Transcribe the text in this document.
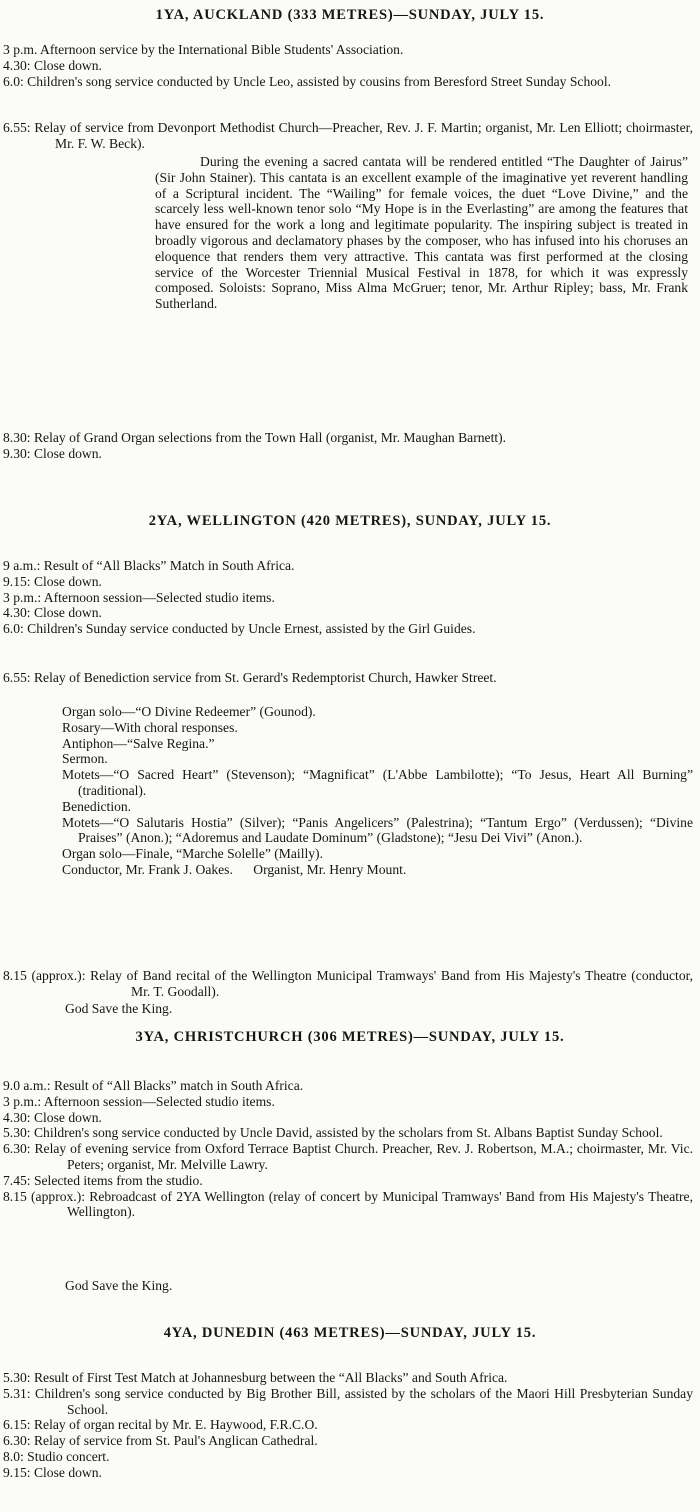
1YA, AUCKLAND (333 METRES)—SUNDAY, JULY 15.

3 p.m. Afternoon service by the International Bible Students' Association.

4.30: Close down.

6.0: Children's song service conducted by Uncle Leo, assisted by cousins from Beresford Street Sunday School.

6.55: Relay of service from Devonport Methodist Church—Preacher, Rev. J. F. Martin; organist, Mr. Len Elliott; choirmaster, Mr. F. W. Beck).

During the evening a sacred cantata will be rendered entitled “The Daughter of Jairus” (Sir John Stainer). This cantata is an excellent example of the imaginative yet reverent handling of a Scriptural incident. The “Wailing” for female voices, the duet “Love Divine,” and the scarcely less well-known tenor solo “My Hope is in the Everlasting” are among the features that have ensured for the work a long and legitimate popularity. The inspiring subject is treated in broadly vigorous and declamatory phases by the composer, who has infused into his choruses an eloquence that renders them very attractive. This cantata was first performed at the closing service of the Worcester Triennial Musical Festival in 1878, for which it was expressly composed. Soloists: Soprano, Miss Alma McGruer; tenor, Mr. Arthur Ripley; bass, Mr. Frank Sutherland.

8.30: Relay of Grand Organ selections from the Town Hall (organist, Mr. Maughan Barnett).

9.30: Close down.

2YA, WELLINGTON (420 METRES), SUNDAY, JULY 15.

9 a.m.: Result of “All Blacks” Match in South Africa.

9.15: Close down.

3 p.m.: Afternoon session—Selected studio items.

4.30: Close down.

6.0: Children's Sunday service conducted by Uncle Ernest, assisted by the Girl Guides.

6.55: Relay of Benediction service from St. Gerard's Redemptorist Church, Hawker Street.

Organ solo—“O Divine Redeemer” (Gounod).

Rosary—With choral responses.

Antiphon—“Salve Regina.”

Sermon.

Motets—“O Sacred Heart” (Stevenson); “Magnificat” (L'Abbe Lambilotte); “To Jesus, Heart All Burning” (traditional).

Benediction.

Motets—“O Salutaris Hostia” (Silver); “Panis Angelicers” (Palestrina); “Tantum Ergo” (Verdussen); “Divine Praises” (Anon.); “Adoremus and Laudate Dominum” (Gladstone); “Jesu Dei Vivi” (Anon.).

Organ solo—Finale, “Marche Solelle” (Mailly).

Conductor, Mr. Frank J. Oakes.      Organist, Mr. Henry Mount.

8.15 (approx.): Relay of Band recital of the Wellington Municipal Tramways' Band from His Majesty's Theatre (conductor, Mr. T. Goodall).

God Save the King.
3YA, CHRISTCHURCH (306 METRES)—SUNDAY, JULY 15.

9.0 a.m.: Result of “All Blacks” match in South Africa.

3 p.m.: Afternoon session—Selected studio items.

4.30: Close down.

5.30: Children's song service conducted by Uncle David, assisted by the scholars from St. Albans Baptist Sunday School.

6.30: Relay of evening service from Oxford Terrace Baptist Church. Preacher, Rev. J. Robertson, M.A.; choirmaster, Mr. Vic. Peters; organist, Mr. Melville Lawry.

7.45: Selected items from the studio.

8.15 (approx.): Rebroadcast of 2YA Wellington (relay of concert by Municipal Tramways' Band from His Majesty's Theatre, Wellington).

God Save the King.
4YA, DUNEDIN (463 METRES)—SUNDAY, JULY 15.

5.30: Result of First Test Match at Johannesburg between the “All Blacks” and South Africa.

5.31: Children's song service conducted by Big Brother Bill, assisted by the scholars of the Maori Hill Presbyterian Sunday School.

6.15: Relay of organ recital by Mr. E. Haywood, F.R.C.O.

6.30: Relay of service from St. Paul's Anglican Cathedral.

8.0: Studio concert.

9.15: Close down.
